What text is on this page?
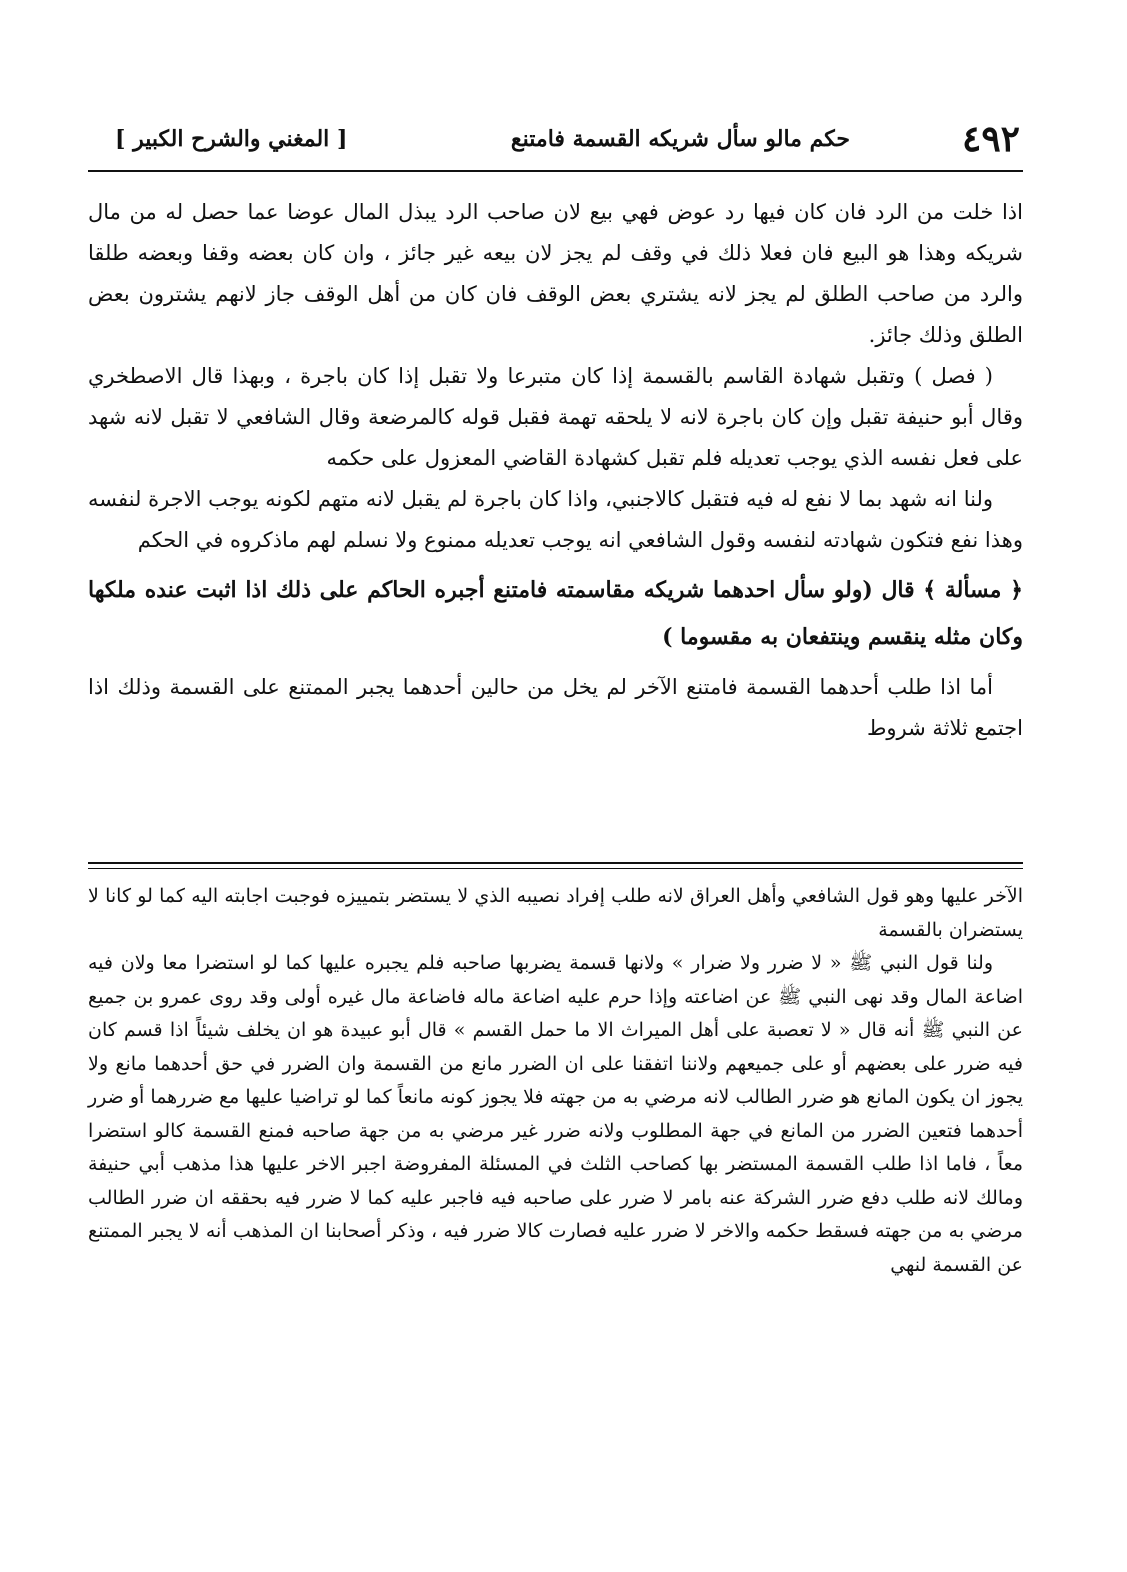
٤٩٢
حكم مالو سأل شريكه القسمة فامتنع
[ المغني والشرح الكبير ]

اذا خلت من الرد فان كان فيها رد عوض فهي بيع لان صاحب الرد يبذل المال عوضا عما حصل له من مال شريكه وهذا هو البيع فان فعلا ذلك في وقف لم يجز لان بيعه غير جائز ، وان كان بعضه وقفا وبعضه طلقا والرد من صاحب الطلق لم يجز لانه يشتري بعض الوقف فان كان من أهل الوقف جاز لانهم يشترون بعض الطلق وذلك جائز.

( فصل ) وتقبل شهادة القاسم بالقسمة إذا كان متبرعا ولا تقبل إذا كان باجرة ، وبهذا قال الاصطخري وقال أبو حنيفة تقبل وإن كان باجرة لانه لا يلحقه تهمة فقبل قوله كالمرضعة وقال الشافعي لا تقبل لانه شهد على فعل نفسه الذي يوجب تعديله فلم تقبل كشهادة القاضي المعزول على حكمه

ولنا انه شهد بما لا نفع له فيه فتقبل كالاجنبي، واذا كان باجرة لم يقبل لانه متهم لكونه يوجب الاجرة لنفسه وهذا نفع فتكون شهادته لنفسه وقول الشافعي انه يوجب تعديله ممنوع ولا نسلم لهم ماذكروه في الحكم

﴿ مسألة ﴾ قال (ولو سأل احدهما شريكه مقاسمته فامتنع أجبره الحاكم على ذلك اذا اثبت عنده ملكها وكان مثله ينقسم وينتفعان به مقسوما )

أما اذا طلب أحدهما القسمة فامتنع الآخر لم يخل من حالين أحدهما يجبر الممتنع على القسمة وذلك اذا اجتمع ثلاثة شروط

الآخر عليها وهو قول الشافعي وأهل العراق لانه طلب إفراد نصيبه الذي لا يستضر بتمييزه فوجبت اجابته اليه كما لو كانا لا يستضران بالقسمة

ولنا قول النبي ﷺ « لا ضرر ولا ضرار » ولانها قسمة يضربها صاحبه فلم يجبره عليها كما لو استضرا معا ولان فيه اضاعة المال وقد نهى النبي ﷺ عن اضاعته وإذا حرم عليه اضاعة ماله فاضاعة مال غيره أولى وقد روى عمرو بن جميع عن النبي ﷺ أنه قال « لا تعصبة على أهل الميراث الا ما حمل القسم » قال أبو عبيدة هو ان يخلف شيئاً اذا قسم كان فيه ضرر على بعضهم أو على جميعهم ولاننا اتفقنا على ان الضرر مانع من القسمة وان الضرر في حق أحدهما مانع ولا يجوز ان يكون المانع هو ضرر الطالب لانه مرضي به من جهته فلا يجوز كونه مانعاً كما لو تراضيا عليها مع ضررهما أو ضرر أحدهما فتعين الضرر من المانع في جهة المطلوب ولانه ضرر غير مرضي به من جهة صاحبه فمنع القسمة كالو استضرا معاً ، فاما اذا طلب القسمة المستضر بها كصاحب الثلث في المسئلة المفروضة اجبر الاخر عليها هذا مذهب أبي حنيفة ومالك لانه طلب دفع ضرر الشركة عنه بامر لا ضرر على صاحبه فيه فاجبر عليه كما لا ضرر فيه بحققه ان ضرر الطالب مرضي به من جهته فسقط حكمه والاخر لا ضرر عليه فصارت كالا ضرر فيه ، وذكر أصحابنا ان المذهب أنه لا يجبر الممتنع عن القسمة لنهي
